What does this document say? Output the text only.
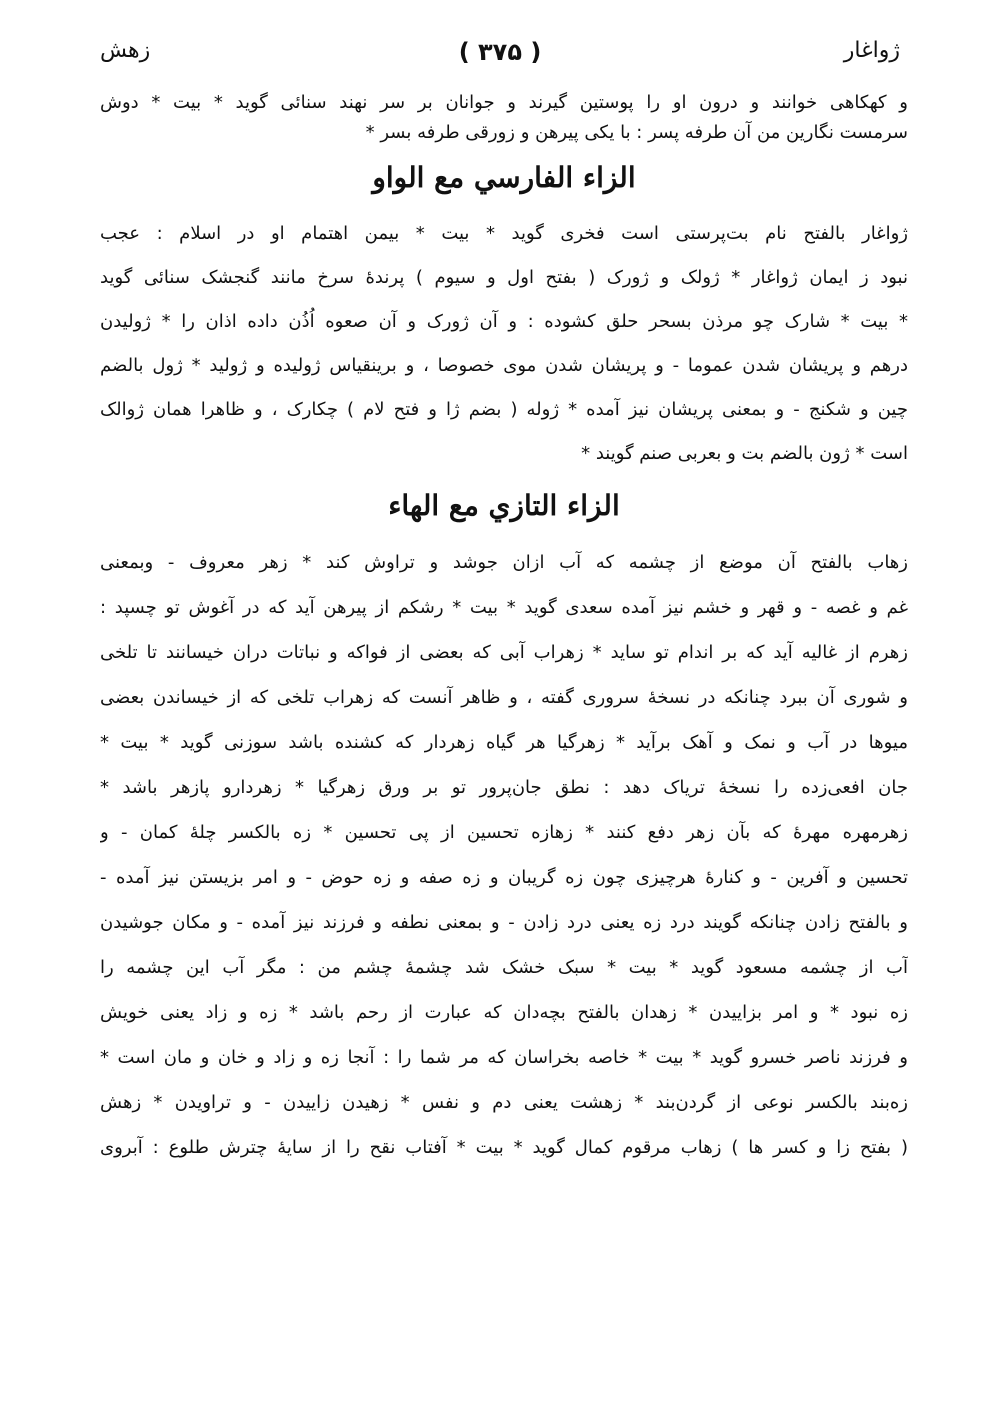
ژواغار
( ۳۷۵ )
زهش
و کهکاهی خوانند و درون او را پوستین گیرند و جوانان بر سر نهند سنائی گوید * بیت * دوش
سرمست نگارین من آن طرفه پسر : با یکی پیرهن و زورقی طرفه بسر *
الزاء الفارسي مع الواو
ژواغار بالفتح نام بت‌پرستی است فخری گوید * بیت * بیمن اهتمام او در اسلام : عجب
نبود ز ایمان ژواغار * ژولک و ژورک ( بفتح اول و سیوم ) پرندهٔ سرخ مانند گنجشک سنائی گوید
* بیت * شارک چو مرذن بسحر حلق کشوده : و آن ژورک و آن صعوه اُذُن داده اذان را * ژولیدن
درهم و پریشان شدن عموما - و پریشان شدن موی خصوصا ، و برینقیاس ژولیده و ژولید * ژول بالضم
چین و شکنج - و بمعنی پریشان نیز آمده * ژوله ( بضم ژا و فتح لام ) چکارک ، و ظاهرا همان ژوالک
است * ژون بالضم بت و بعربی صنم گویند *
الزاء التازي مع الهاء
زهاب بالفتح آن موضع از چشمه که آب ازان جوشد و تراوش کند * زهر معروف - وبمعنی
غم و غصه - و قهر و خشم نیز آمده سعدی گوید * بیت * رشکم از پیرهن آید که در آغوش تو چسپد :
زهرم از غالیه آید که بر اندام تو ساید * زهراب آبی که بعضی از فواکه و نباتات دران خیسانند تا تلخی
و شوری آن ببرد چنانکه در نسخهٔ سروری گفته ، و ظاهر آنست که زهراب تلخی که از خیساندن بعضی
میوها در آب و نمک و آهک برآید * زهرگیا هر گیاه زهردار که کشنده باشد سوزنی گوید * بیت *
جان افعی‌زده را نسخهٔ تریاک دهد : نطق جان‌پرور تو بر ورق زهرگیا * زهردارو پازهر باشد *
زهرمهره مهرهٔ که بآن زهر دفع کنند * زهازه تحسین از پی تحسین * زه بالکسر چلهٔ کمان - و
تحسین و آفرین - و کنارهٔ هرچیزی چون زه گریبان و زه صفه و زه حوض - و امر بزیستن نیز آمده -
و بالفتح زادن چنانکه گویند درد زه یعنی درد زادن - و بمعنی نطفه و فرزند نیز آمده - و مکان جوشیدن
آب از چشمه مسعود گوید * بیت * سبک خشک شد چشمهٔ چشم من : مگر آب این چشمه را
زه نبود * و امر بزاییدن * زهدان بالفتح بچه‌دان که عبارت از رحم باشد * زه و زاد یعنی خویش
و فرزند ناصر خسرو گوید * بیت * خاصه بخراسان که مر شما را : آنجا زه و زاد و خان و مان است *
زه‌بند بالکسر نوعی از گردن‌بند * زهشت یعنی دم و نفس * زهیدن زاییدن - و تراویدن * زهش
( بفتح زا و کسر ها ) زهاب مرقوم کمال گوید * بیت * آفتاب نقح را از سایهٔ چترش طلوع : آبروی
